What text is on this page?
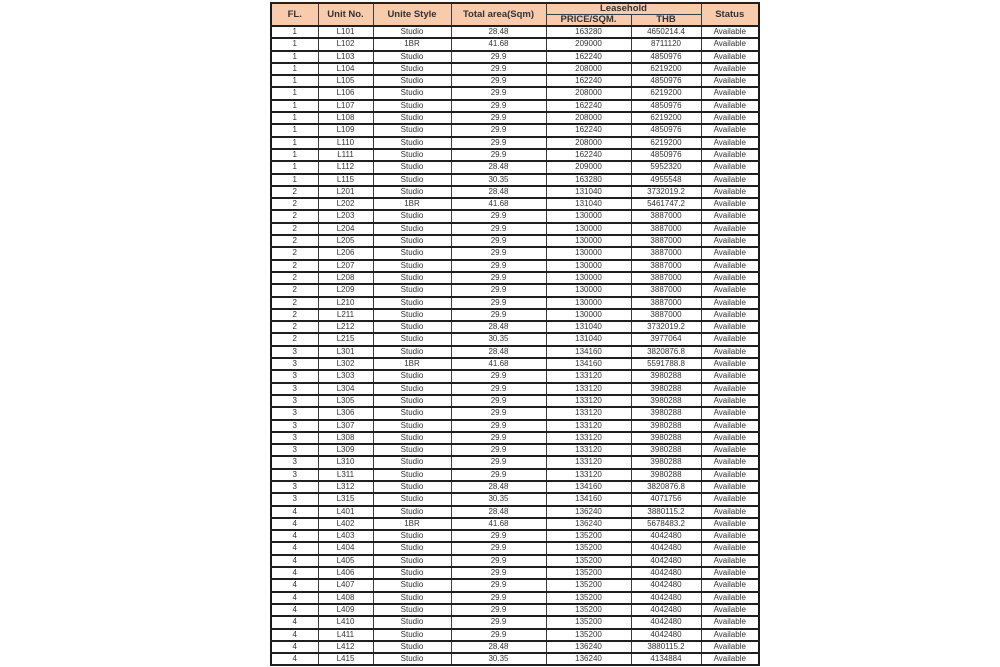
FL.	Unit No.	Unite Style	Total area(Sqm)	Leasehold		Status
				PRICE/SQM.	THB	
1	L101	Studio	28.48	163280	4650214.4	Available
1	L102	1BR	41.68	209000	8711120	Available
1	L103	Studio	29.9	162240	4850976	Available
1	L104	Studio	29.9	208000	6219200	Available
1	L105	Studio	29.9	162240	4850976	Available
1	L106	Studio	29.9	208000	6219200	Available
1	L107	Studio	29.9	162240	4850976	Available
1	L108	Studio	29.9	208000	6219200	Available
1	L109	Studio	29.9	162240	4850976	Available
1	L110	Studio	29.9	208000	6219200	Available
1	L111	Studio	29.9	162240	4850976	Available
1	L112	Studio	28.48	209000	5952320	Available
1	L115	Studio	30.35	163280	4955548	Available
2	L201	Studio	28.48	131040	3732019.2	Available
2	L202	1BR	41.68	131040	5461747.2	Available
2	L203	Studio	29.9	130000	3887000	Available
2	L204	Studio	29.9	130000	3887000	Available
2	L205	Studio	29.9	130000	3887000	Available
2	L206	Studio	29.9	130000	3887000	Available
2	L207	Studio	29.9	130000	3887000	Available
2	L208	Studio	29.9	130000	3887000	Available
2	L209	Studio	29.9	130000	3887000	Available
2	L210	Studio	29.9	130000	3887000	Available
2	L211	Studio	29.9	130000	3887000	Available
2	L212	Studio	28.48	131040	3732019.2	Available
2	L215	Studio	30.35	131040	3977064	Available
3	L301	Studio	28.48	134160	3820876.8	Available
3	L302	1BR	41.68	134160	5591788.8	Available
3	L303	Studio	29.9	133120	3980288	Available
3	L304	Studio	29.9	133120	3980288	Available
3	L305	Studio	29.9	133120	3980288	Available
3	L306	Studio	29.9	133120	3980288	Available
3	L307	Studio	29.9	133120	3980288	Available
3	L308	Studio	29.9	133120	3980288	Available
3	L309	Studio	29.9	133120	3980288	Available
3	L310	Studio	29.9	133120	3980288	Available
3	L311	Studio	29.9	133120	3980288	Available
3	L312	Studio	28.48	134160	3820876.8	Available
3	L315	Studio	30.35	134160	4071756	Available
4	L401	Studio	28.48	136240	3880115.2	Available
4	L402	1BR	41.68	136240	5678483.2	Available
4	L403	Studio	29.9	135200	4042480	Available
4	L404	Studio	29.9	135200	4042480	Available
4	L405	Studio	29.9	135200	4042480	Available
4	L406	Studio	29.9	135200	4042480	Available
4	L407	Studio	29.9	135200	4042480	Available
4	L408	Studio	29.9	135200	4042480	Available
4	L409	Studio	29.9	135200	4042480	Available
4	L410	Studio	29.9	135200	4042480	Available
4	L411	Studio	29.9	135200	4042480	Available
4	L412	Studio	28.48	136240	3880115.2	Available
4	L415	Studio	30.35	136240	4134884	Available
